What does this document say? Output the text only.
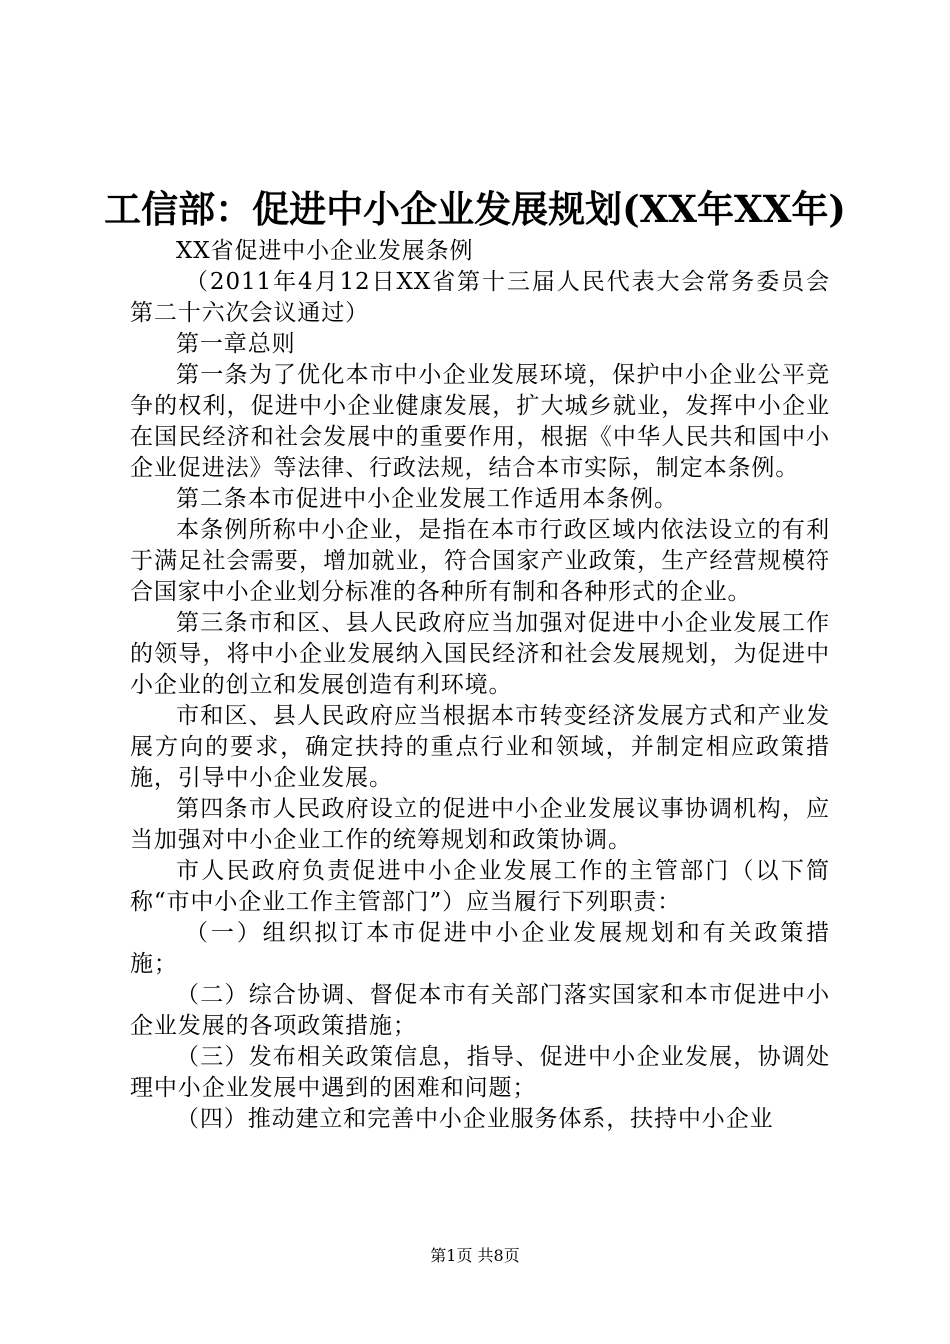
工信部：促进中小企业发展规划(XX年XX年)

XX省促进中小企业发展条例

（2011年4月12日XX省第十三届人民代表大会常务委员会第二十六次会议通过）

第一章总则

第一条为了优化本市中小企业发展环境，保护中小企业公平竞争的权利，促进中小企业健康发展，扩大城乡就业，发挥中小企业在国民经济和社会发展中的重要作用，根据《中华人民共和国中小企业促进法》等法律、行政法规，结合本市实际，制定本条例。

第二条本市促进中小企业发展工作适用本条例。

本条例所称中小企业，是指在本市行政区域内依法设立的有利于满足社会需要，增加就业，符合国家产业政策，生产经营规模符合国家中小企业划分标准的各种所有制和各种形式的企业。

第三条市和区、县人民政府应当加强对促进中小企业发展工作的领导，将中小企业发展纳入国民经济和社会发展规划，为促进中小企业的创立和发展创造有利环境。

市和区、县人民政府应当根据本市转变经济发展方式和产业发展方向的要求，确定扶持的重点行业和领域，并制定相应政策措施，引导中小企业发展。

第四条市人民政府设立的促进中小企业发展议事协调机构，应当加强对中小企业工作的统筹规划和政策协调。

市人民政府负责促进中小企业发展工作的主管部门（以下简称“市中小企业工作主管部门”）应当履行下列职责：

（一）组织拟订本市促进中小企业发展规划和有关政策措施；

（二）综合协调、督促本市有关部门落实国家和本市促进中小企业发展的各项政策措施；

（三）发布相关政策信息，指导、促进中小企业发展，协调处理中小企业发展中遇到的困难和问题；

（四）推动建立和完善中小企业服务体系，扶持中小企业

第1页 共8页
